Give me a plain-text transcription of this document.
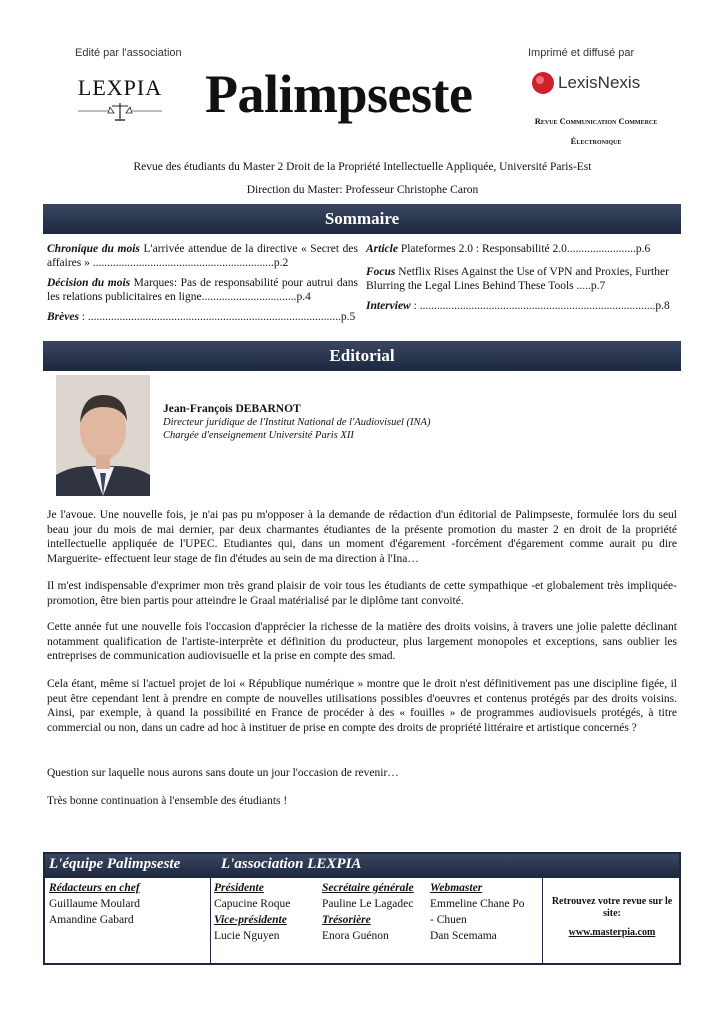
Edité par l'association	Imprimé et diffusé par
LEXPIA Palimpseste	LexisNexis
Revue Communication Commerce
Électronique
Revue des étudiants du Master 2 Droit de la Propriété Intellectuelle Appliquée, Université Paris-Est
Direction du Master: Professeur Christophe Caron
Sommaire
Chronique du mois L'arrivée attendue de la directive « Secret des affaires » ...............................................................p.2
Décision du mois Marques: Pas de responsabilité pour autrui dans les relations publicitaires en ligne.................................p.4
Brèves : ........................................................................................p.5
Article Plateformes 2.0 : Responsabilité 2.0........................p.6
Focus Netflix Rises Against the Use of VPN and Proxies, Further Blurring the Legal Lines Behind These Tools .....p.7
Interview : ..................................................................................p.8
Editorial
Jean-François DEBARNOT
Directeur juridique de l'Institut National de l'Audiovisuel (INA)
Chargée d'enseignement Université Paris XII

Je l'avoue. Une nouvelle fois, je n'ai pas pu m'opposer à la demande de rédaction d'un éditorial de Palimpseste, formulée lors du seul beau jour du mois de mai dernier, par deux charmantes étudiantes de la présente promotion du master 2 en droit de la propriété intellectuelle appliquée de l'UPEC. Etudiantes qui, dans un moment d'égarement -forcément d'égarement comme aurait pu dire Marguerite- effectuent leur stage de fin d'études au sein de ma direction à l'Ina…

Il m'est indispensable d'exprimer mon très grand plaisir de voir tous les étudiants de cette sympathique -et globalement très impliquée- promotion, être bien partis pour atteindre le Graal matérialisé par le diplôme tant convoité.

Cette année fut une nouvelle fois l'occasion d'apprécier la richesse de la matière des droits voisins, à travers une jolie palette déclinant notamment qualification de l'artiste-interprète et définition du producteur, plus largement monopoles et exceptions, sans oublier les entreprises de communication audiovisuelle et la prise en compte des smad.

Cela étant, même si l'actuel projet de loi « République numérique » montre que le droit n'est définitivement pas une discipline figée, il peut être cependant lent à prendre en compte de nouvelles utilisations possibles d'oeuvres et contenus protégés par des droits voisins. Ainsi, par exemple, à quand la possibilité en France de procéder à des « fouilles » de programmes audiovisuels protégés, à titre commercial ou non, dans un cadre ad hoc à instituer de prise en compte des droits de propriété littéraire et artistique concernés ?

Question sur laquelle nous aurons sans doute un jour l'occasion de revenir…

Très bonne continuation à l'ensemble des étudiants !

L'équipe Palimpseste	L'association LEXPIA
Rédacteurs en chef
Guillaume Moulard
Amandine Gabard
Présidente
Capucine Roque
Vice-présidente
Lucie Nguyen
Secrétaire générale
Pauline Le Lagadec
Trésorière
Enora Guénon
Webmaster
Emmeline Chane Po
- Chuen
Dan Scemama
Retrouvez votre revue sur le site:
www.masterpia.com
